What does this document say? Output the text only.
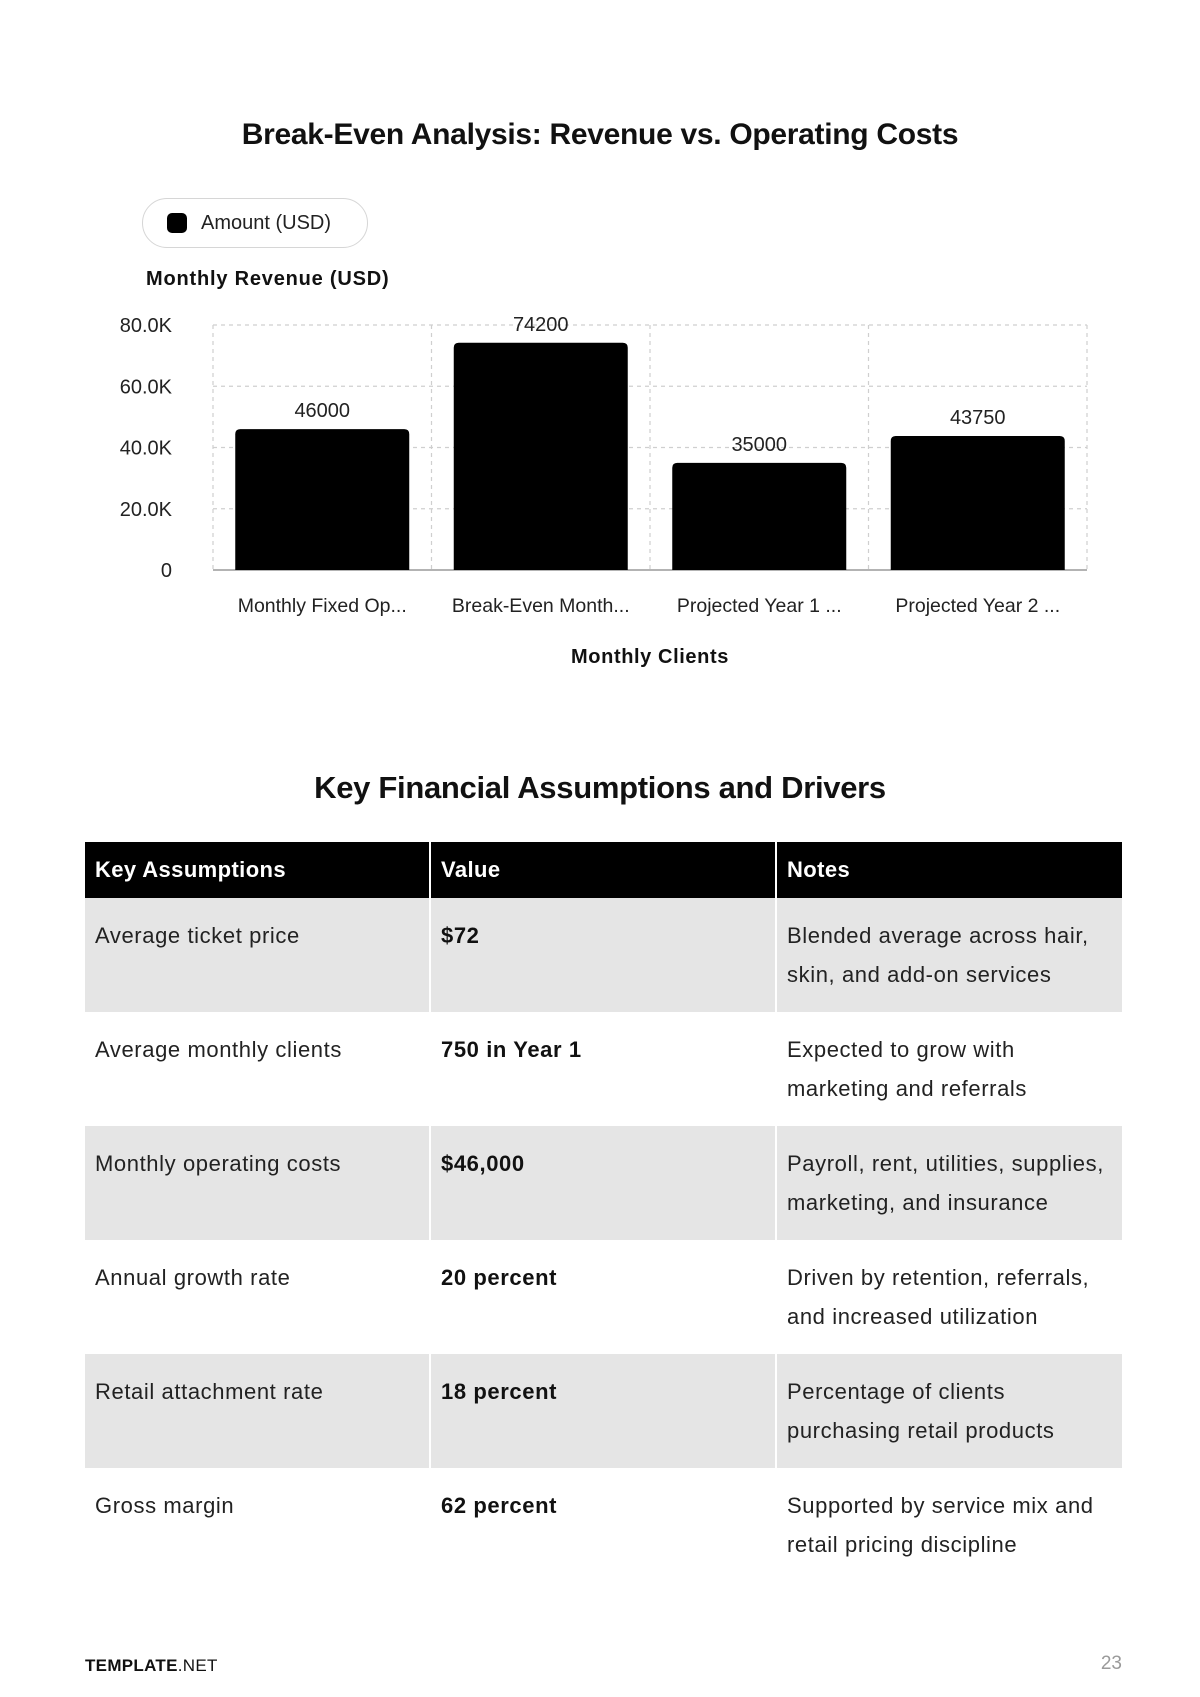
Break-Even Analysis: Revenue vs. Operating Costs
Amount (USD)
Monthly Revenue (USD)
Monthly Clients
0
20.0K
40.0K
60.0K
80.0K
46000
Monthly Fixed Op...
74200
Break-Even Month...
35000
Projected Year 1 ...
43750
Projected Year 2 ...
Key Financial Assumptions and Drivers
Key Assumptions	Value	Notes
Average ticket price	$72	Blended average across hair, skin, and add-on services
Average monthly clients	750 in Year 1	Expected to grow with marketing and referrals
Monthly operating costs	$46,000	Payroll, rent, utilities, supplies, marketing, and insurance
Annual growth rate	20 percent	Driven by retention, referrals, and increased utilization
Retail attachment rate	18 percent	Percentage of clients purchasing retail products
Gross margin	62 percent	Supported by service mix and retail pricing discipline
TEMPLATE.NET	23
